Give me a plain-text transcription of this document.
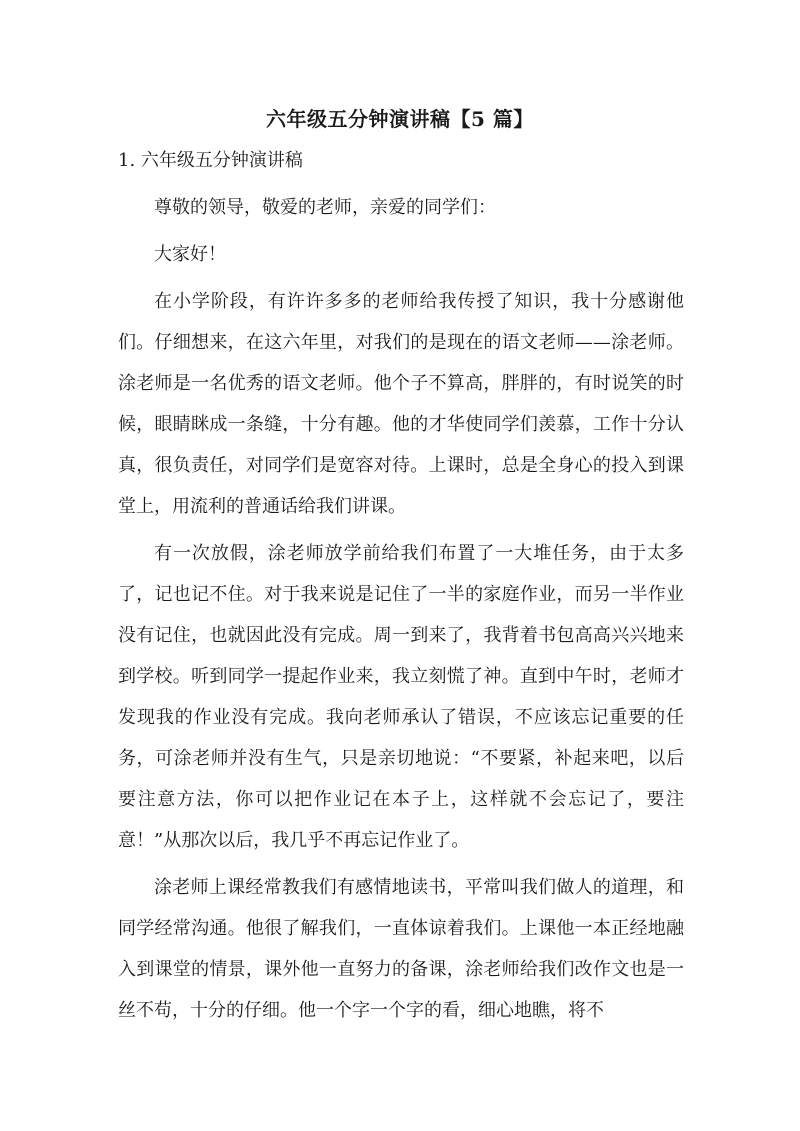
六年级五分钟演讲稿【5 篇】
1. 六年级五分钟演讲稿

尊敬的领导，敬爱的老师，亲爱的同学们：

大家好！

在小学阶段，有许许多多的老师给我传授了知识，我十分感谢他们。仔细想来，在这六年里，对我们的是现在的语文老师——涂老师。涂老师是一名优秀的语文老师。他个子不算高，胖胖的，有时说笑的时候，眼睛眯成一条缝，十分有趣。他的才华使同学们羡慕，工作十分认真，很负责任，对同学们是宽容对待。上课时，总是全身心的投入到课堂上，用流利的普通话给我们讲课。

有一次放假，涂老师放学前给我们布置了一大堆任务，由于太多了，记也记不住。对于我来说是记住了一半的家庭作业，而另一半作业没有记住，也就因此没有完成。周一到来了，我背着书包高高兴兴地来到学校。听到同学一提起作业来，我立刻慌了神。直到中午时，老师才发现我的作业没有完成。我向老师承认了错误，不应该忘记重要的任务，可涂老师并没有生气，只是亲切地说：“不要紧，补起来吧，以后要注意方法，你可以把作业记在本子上，这样就不会忘记了，要注意！”从那次以后，我几乎不再忘记作业了。

涂老师上课经常教我们有感情地读书，平常叫我们做人的道理，和同学经常沟通。他很了解我们，一直体谅着我们。上课他一本正经地融入到课堂的情景，课外他一直努力的备课，涂老师给我们改作文也是一丝不苟，十分的仔细。他一个字一个字的看，细心地瞧，将不
